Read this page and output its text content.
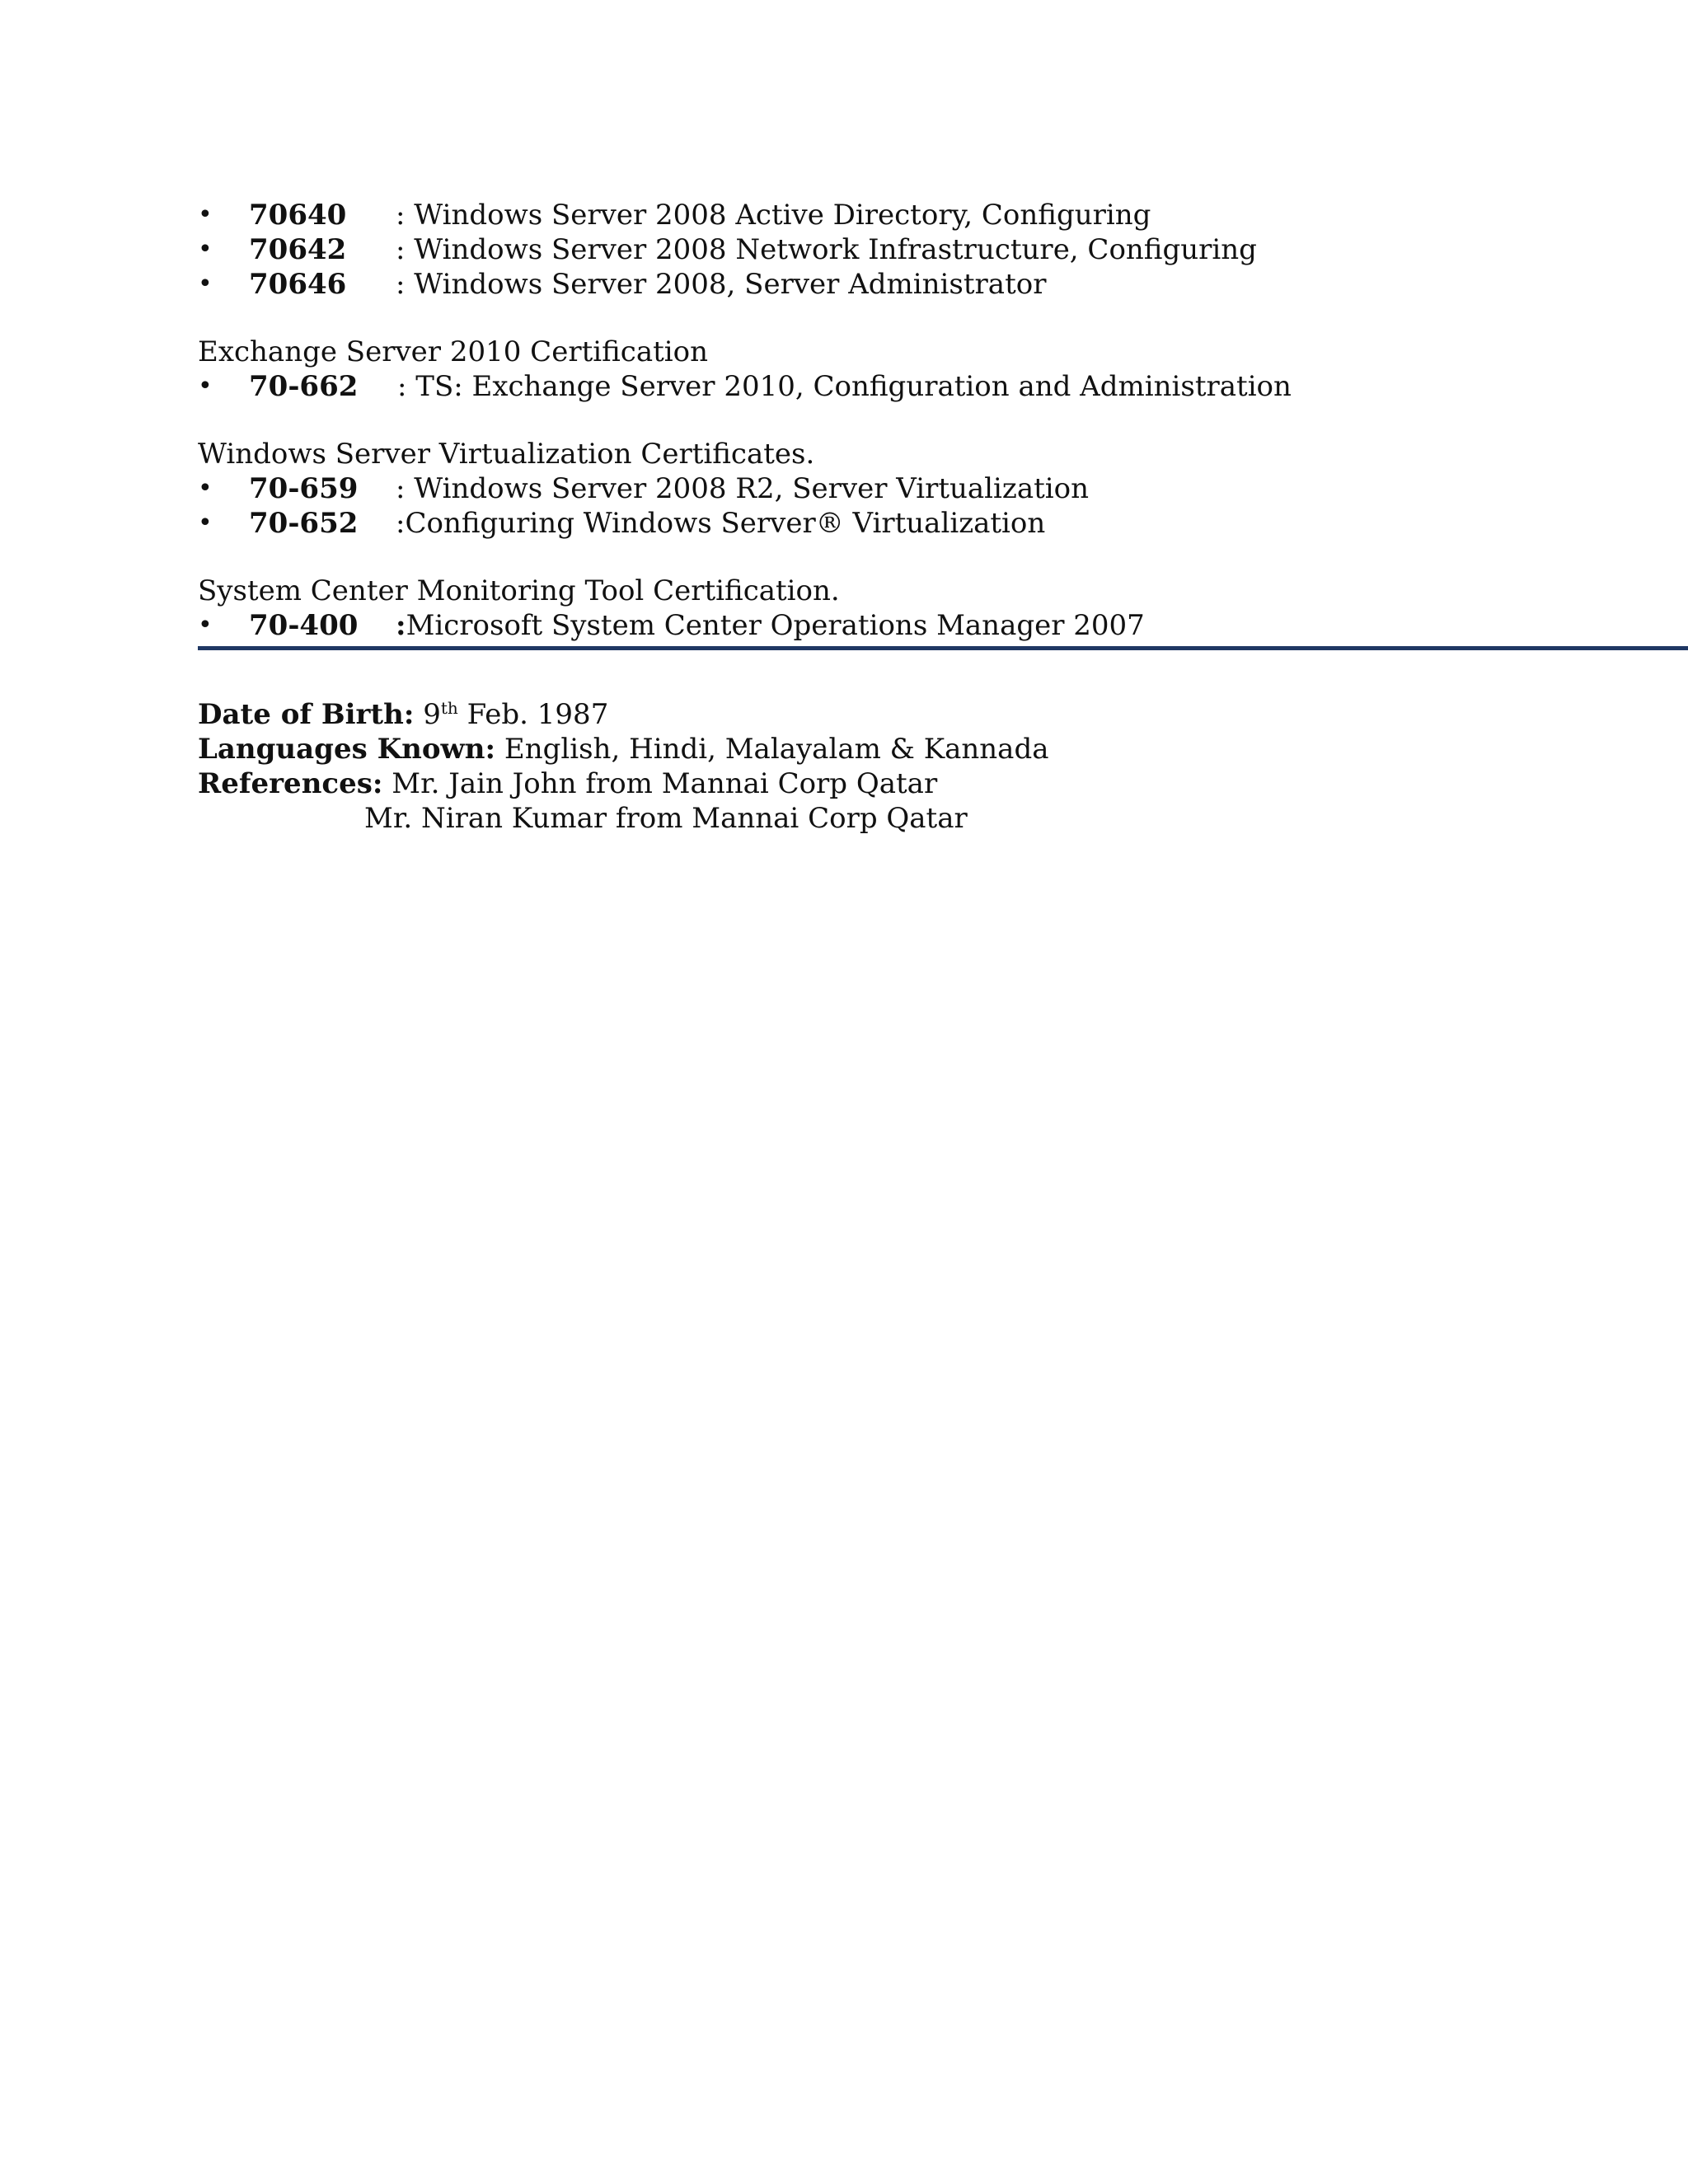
• 70640 : Windows Server 2008 Active Directory, Configuring
• 70642 : Windows Server 2008 Network Infrastructure, Configuring
• 70646 : Windows Server 2008, Server Administrator
Exchange Server 2010 Certification
• 70-662 : TS: Exchange Server 2010, Configuration and Administration
Windows Server Virtualization Certificates.
• 70-659 : Windows Server 2008 R2, Server Virtualization
• 70-652 :Configuring Windows Server® Virtualization
System Center Monitoring Tool Certification.
• 70-400 :Microsoft System Center Operations Manager 2007
Date of Birth: 9th Feb. 1987
Languages Known: English, Hindi, Malayalam & Kannada
References: Mr. Jain John from Mannai Corp Qatar
Mr. Niran Kumar from Mannai Corp Qatar
